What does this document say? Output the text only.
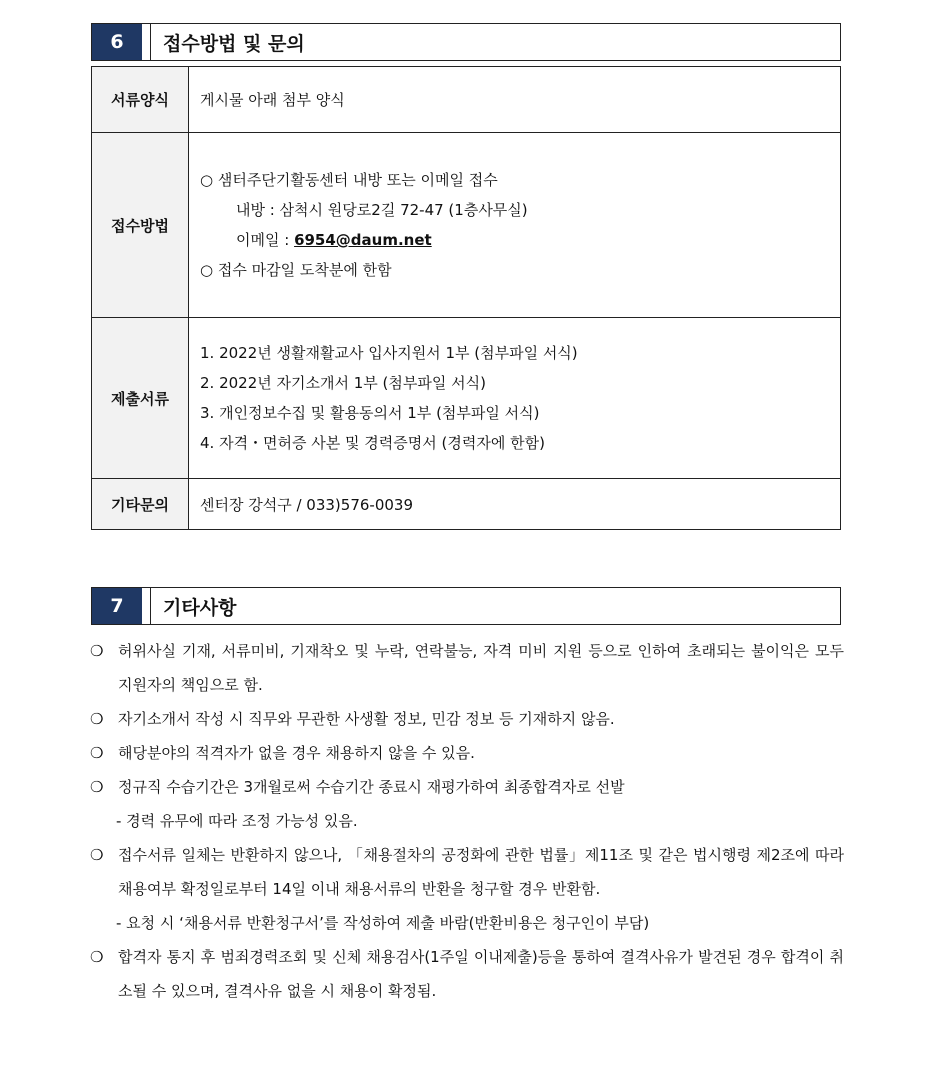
6	접수방법 및 문의
서류양식	게시물 아래 첨부 양식
접수방법	○ 샘터주단기활동센터 내방 또는 이메일 접수
내방 : 삼척시 원당로2길 72-47 (1층사무실)
이메일 : 6954@daum.net
○ 접수 마감일 도착분에 한함

제출서류	1. 2022년 생활재활교사 입사지원서 1부 (첨부파일 서식)
2. 2022년 자기소개서 1부 (첨부파일 서식)
3. 개인정보수집 및 활용동의서 1부 (첨부파일 서식)
4. 자격・면허증 사본 및 경력증명서 (경력자에 한함)

기타문의	센터장 강석구 / 033)576-0039
7	기타사항
❍ 허위사실 기재, 서류미비, 기재착오 및 누락, 연락불능, 자격 미비 지원 등으로 인하여 초래되는 불이익은 모두 지원자의 책임으로 함.
❍ 자기소개서 작성 시 직무와 무관한 사생활 정보, 민감 정보 등 기재하지 않음.
❍ 해당분야의 적격자가 없을 경우 채용하지 않을 수 있음.
❍ 정규직 수습기간은 3개월로써 수습기간 종료시 재평가하여 최종합격자로 선발
- 경력 유무에 따라 조정 가능성 있음.
❍ 접수서류 일체는 반환하지 않으나, 「채용절차의 공정화에 관한 법률」제11조 및 같은 법시행령 제2조에 따라 채용여부 확정일로부터 14일 이내 채용서류의 반환을 청구할 경우 반환함.
- 요청 시 ‘채용서류 반환청구서’를 작성하여 제출 바람(반환비용은 청구인이 부담)
❍ 합격자 통지 후 범죄경력조회 및 신체 채용검사(1주일 이내제출)등을 통하여 결격사유가 발견된 경우 합격이 취소될 수 있으며, 결격사유 없을 시 채용이 확정됨.
